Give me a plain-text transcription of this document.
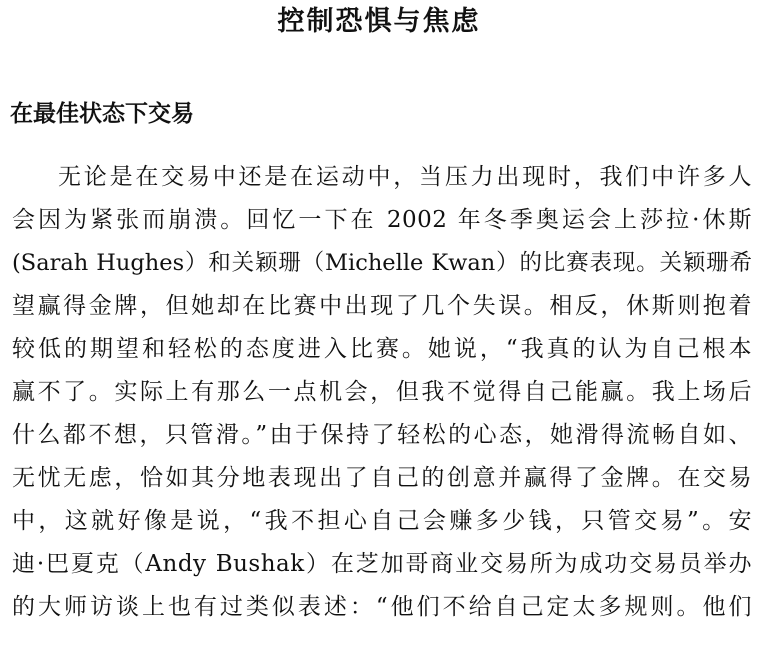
控制恐惧与焦虑
在最佳状态下交易
无论是在交易中还是在运动中，当压力出现时，我们中许多人
会因为紧张而崩溃。回忆一下在 2002 年冬季奥运会上莎拉·休斯
(Sarah Hughes）和关颖珊（Michelle Kwan）的比赛表现。关颖珊希
望赢得金牌，但她却在比赛中出现了几个失误。相反，休斯则抱着
较低的期望和轻松的态度进入比赛。她说，“我真的认为自己根本
赢不了。实际上有那么一点机会，但我不觉得自己能赢。我上场后
什么都不想，只管滑。”由于保持了轻松的心态，她滑得流畅自如、
无忧无虑，恰如其分地表现出了自己的创意并赢得了金牌。在交易
中，这就好像是说，“我不担心自己会赚多少钱，只管交易”。安
迪·巴夏克（Andy Bushak）在芝加哥商业交易所为成功交易员举办
的大师访谈上也有过类似表述：“他们不给自己定太多规则。他们
